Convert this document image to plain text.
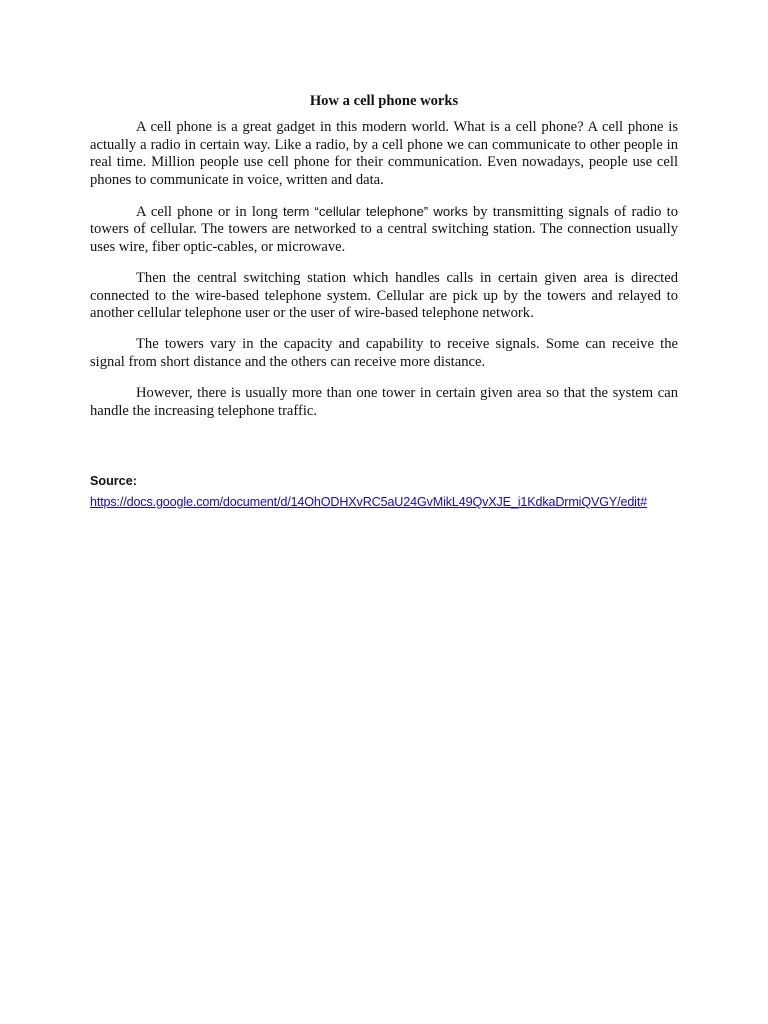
How a cell phone works

A cell phone is a great gadget in this modern world. What is a cell phone? A cell phone is actually a radio in certain way. Like a radio, by a cell phone we can communicate to other people in real time. Million people use cell phone for their communication. Even nowadays, people use cell phones to communicate in voice, written and data.

A cell phone or in long term “cellular telephone” works by transmitting signals of radio to towers of cellular. The towers are networked to a central switching station. The connection usually uses wire, fiber optic-cables, or microwave.

Then the central switching station which handles calls in certain given area is directed connected to the wire-based telephone system. Cellular are pick up by the towers and relayed to another cellular telephone user or the user of wire-based telephone network.

The towers vary in the capacity and capability to receive signals. Some can receive the signal from short distance and the others can receive more distance.

However, there is usually more than one tower in certain given area so that the system can handle the increasing telephone traffic.

Source:
https://docs.google.com/document/d/14OhODHXvRC5aU24GvMikL49QvXJE_i1KdkaDrmiQVGY/edit#
